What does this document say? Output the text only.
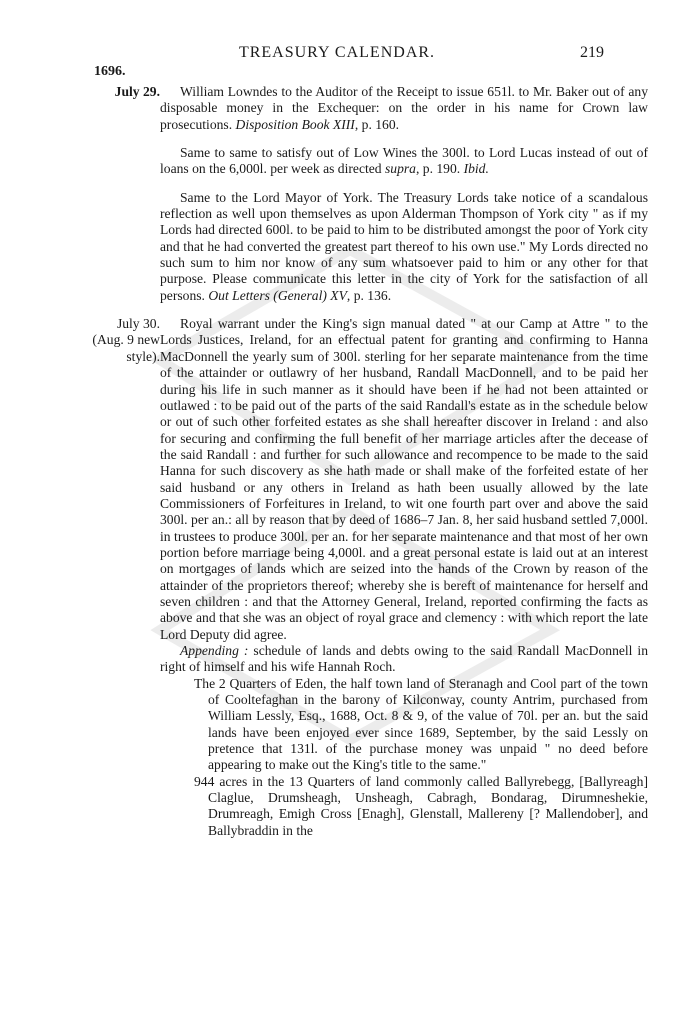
TREASURY CALENDAR.	219
1696.
July 29.	William Lowndes to the Auditor of the Receipt to issue 651l. to Mr. Baker out of any disposable money in the Exchequer: on the order in his name for Crown law prosecutions. Disposition Book XIII, p. 160.

Same to same to satisfy out of Low Wines the 300l. to Lord Lucas instead of out of loans on the 6,000l. per week as directed supra, p. 190. Ibid.

Same to the Lord Mayor of York. The Treasury Lords take notice of a scandalous reflection as well upon themselves as upon Alderman Thompson of York city " as if my Lords had directed 600l. to be paid to him to be distributed amongst the poor of York city and that he had converted the greatest part thereof to his own use." My Lords directed no such sum to him nor know of any sum whatsoever paid to him or any other for that purpose. Please communicate this letter in the city of York for the satisfaction of all persons. Out Letters (General) XV, p. 136.

July 30.
(Aug. 9 new style).

Royal warrant under the King's sign manual dated " at our Camp at Attre " to the Lords Justices, Ireland, for an effectual patent for granting and confirming to Hanna MacDonnell the yearly sum of 300l. sterling for her separate maintenance from the time of the attainder or outlawry of her husband, Randall MacDonnell, and to be paid her during his life in such manner as it should have been if he had not been attainted or outlawed : to be paid out of the parts of the said Randall's estate as in the schedule below or out of such other forfeited estates as she shall hereafter discover in Ireland : and also for securing and confirming the full benefit of her marriage articles after the decease of the said Randall : and further for such allowance and recompence to be made to the said Hanna for such discovery as she hath made or shall make of the forfeited estate of her said husband or any others in Ireland as hath been usually allowed by the late Commissioners of Forfeitures in Ireland, to wit one fourth part over and above the said 300l. per an.: all by reason that by deed of 1686–7 Jan. 8, her said husband settled 7,000l. in trustees to produce 300l. per an. for her separate maintenance and that most of her own portion before marriage being 4,000l. and a great personal estate is laid out at an interest on mortgages of lands which are seized into the hands of the Crown by reason of the attainder of the proprietors thereof; whereby she is bereft of maintenance for herself and seven children : and that the Attorney General, Ireland, reported confirming the facts as above and that she was an object of royal grace and clemency : with which report the late Lord Deputy did agree.

Appending : schedule of lands and debts owing to the said Randall MacDonnell in right of himself and his wife Hannah Roch.

The 2 Quarters of Eden, the half town land of Steranagh and Cool part of the town of Cooltefaghan in the barony of Kilconway, county Antrim, purchased from William Lessly, Esq., 1688, Oct. 8 & 9, of the value of 70l. per an. but the said lands have been enjoyed ever since 1689, September, by the said Lessly on pretence that 131l. of the purchase money was unpaid " no deed before appearing to make out the King's title to the same."

944 acres in the 13 Quarters of land commonly called Ballyrebegg, [Ballyreagh] Claglue, Drumsheagh, Unsheagh, Cabragh, Bondarag, Dirumneshekie, Drumreagh, Emigh Cross [Enagh], Glenstall, Mallereny [? Mallendober], and Ballybraddin in the
